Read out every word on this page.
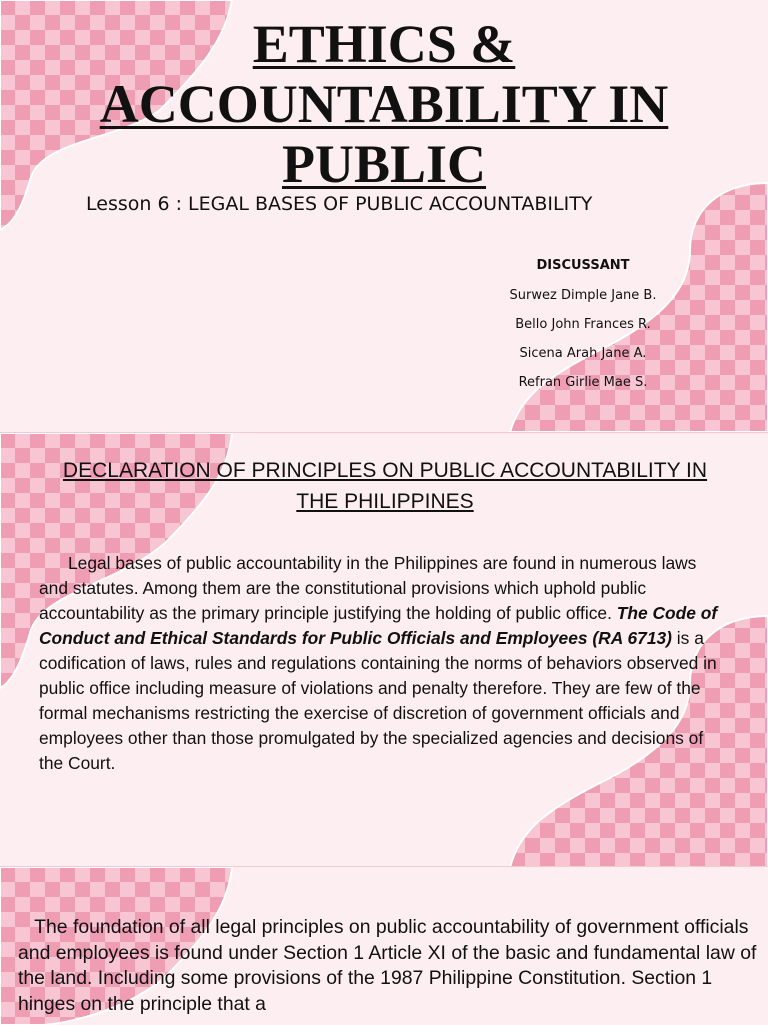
ETHICS & ACCOUNTABILITY IN PUBLIC
Lesson 6 : LEGAL BASES OF PUBLIC ACCOUNTABILITY
DISCUSSANT
Surwez Dimple Jane B.
Bello John Frances R.
Sicena Arah Jane A.
Refran Girlie Mae S.
DECLARATION OF PRINCIPLES ON PUBLIC ACCOUNTABILITY IN THE PHILIPPINES

Legal bases of public accountability in the Philippines are found in numerous laws and statutes. Among them are the constitutional provisions which uphold public accountability as the primary principle justifying the holding of public office. The Code of Conduct and Ethical Standards for Public Officials and Employees (RA 6713) is a codification of laws, rules and regulations containing the norms of behaviors observed in public office including measure of violations and penalty therefore. They are few of the formal mechanisms restricting the exercise of discretion of government officials and employees other than those promulgated by the specialized agencies and decisions of the Court.

The foundation of all legal principles on public accountability of government officials and employees is found under Section 1 Article XI of the basic and fundamental law of the land. Including some provisions of the 1987 Philippine Constitution. Section 1 hinges on the principle that a
